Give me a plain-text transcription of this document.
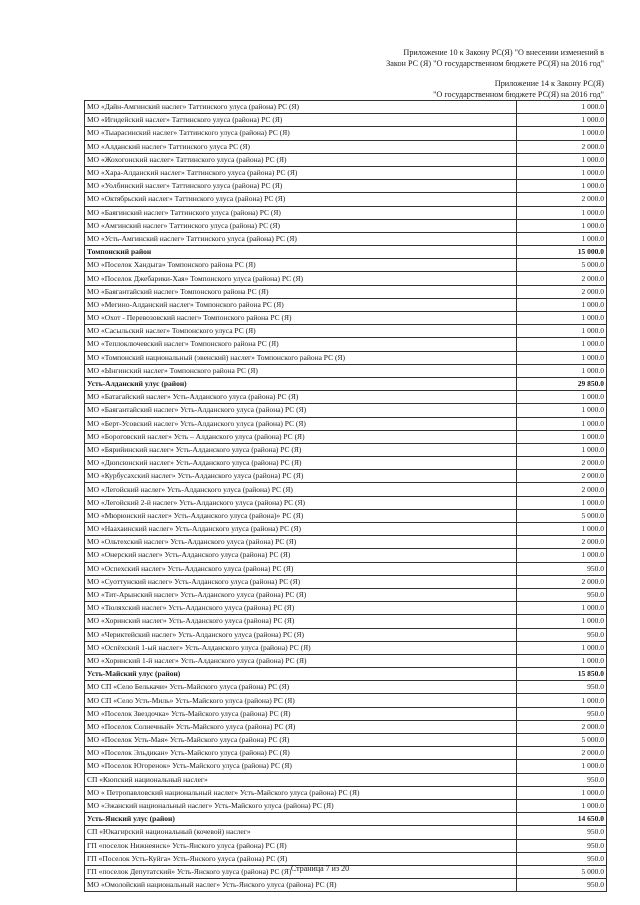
Приложение 10 к Закону РС(Я) "О внесении изменений в
Закон РС (Я) "О государственном бюджете РС(Я) на 2016 год"
Приложение 14 к Закону РС(Я)
"О государственном бюджете РС(Я) на 2016 год"
МО «Дайн-Амгинский наслег» Таттинского улуса (района) РС (Я)	1 000.0
МО «Игидейский наслег» Таттинского улуса (района) РС (Я)	1 000.0
МО «Тыарасинский наслег» Таттинского улуса (района) РС (Я)	1 000.0
МО «Алданский наслег» Таттинского улуса РС (Я)	2 000.0
МО «Жохогонский наслег» Таттинского улуса (района) РС (Я)	1 000.0
МО «Хара-Алданский наслег» Таттинского улуса (района) РС (Я)	1 000.0
МО «Уолбинский наслег» Таттинского улуса (района) РС (Я)	1 000.0
МО «Октябрьский наслег» Таттинского улуса (района) РС (Я)	2 000.0
МО «Баягинский наслег» Таттинского улуса (района) РС (Я)	1 000.0
МО «Амгинский наслег» Таттинского улуса (района) РС (Я)	1 000.0
МО «Усть-Амгинский наслег» Таттинского улуса (района) РС (Я)	1 000.0
Томпонский район	15 000.0
МО «Поселок Хандыга» Томпонского района РС (Я)	5 000.0
МО «Поселок Джебарики-Хая» Томпонского улуса (района) РС (Я)	2 000.0
МО «Баягантайский наслег» Томпонского района РС (Я)	2 000.0
МО «Мегино-Алданский наслег» Томпонского района РС (Я)	1 000.0
МО «Охот - Перевозовский наслег» Томпонского района РС (Я)	1 000.0
МО «Сасыльский наслег» Томпонского улуса РС (Я)	1 000.0
МО «Теплоключевский наслег» Томпонского района РС (Я)	1 000.0
МО «Томпонский национальный (эвенский) наслег» Томпонского района РС (Я)	1 000.0
МО «Ынгинский наслег» Томпонского района РС (Я)	1 000.0
Усть-Алданский улус (район)	29 850.0
МО «Батагайский наслег» Усть-Алданского улуса (района) РС (Я)	1 000.0
МО «Баягантайский наслег» Усть-Алданского улуса (района) РС (Я)	1 000.0
МО «Берт-Усовский наслег» Усть-Алданского улуса (района) РС (Я)	1 000.0
МО «Бороговский наслег» Усть – Алданского улуса (района) РС (Я)	1 000.0
МО «Бярийинский наслег» Усть-Алданского улуса (района) РС (Я)	1 000.0
МО «Дюпсюнский наслег» Усть-Алданского улуса (района) РС (Я)	2 000.0
МО «Курбусахский наслег» Усть-Алданского улуса (района) РС (Я)	2 000.0
МО «Легойский наслег» Усть-Алданского улуса (района) РС (Я)	2 000.0
МО «Легойский 2-й наслег» Усть-Алданского улуса (района) РС (Я)	1 000.0
МО «Мюрюнский наслег» Усть-Алданского улуса (района)» РС (Я)	5 000.0
МО «Наахаинский наслег» Усть-Алданского улуса (района) РС (Я)	1 000.0
МО «Ольтехский наслег» Усть-Алданского улуса (района) РС (Я)	2 000.0
МО «Онерский наслег» Усть-Алданского улуса (района) РС (Я)	1 000.0
МО «Оспехский наслег» Усть-Алданского улуса (района) РС (Я)	950.0
МО «Суоттунский наслег» Усть-Алданского улуса (района) РС (Я)	2 000.0
МО «Тит-Арынский наслег» Усть-Алданского улуса (района) РС (Я)	950.0
МО «Тюляхский наслег» Усть-Алданского улуса (района) РС (Я)	1 000.0
МО «Хоринский наслег» Усть-Алданского улуса (района) РС (Я)	1 000.0
МО «Чериктейский наслег» Усть-Алданского улуса (района) РС (Я)	950.0
МО «Оспёхский 1-ый наслег» Усть-Алданского улуса (района) РС (Я)	1 000.0
МО «Хоринский 1-й наслег» Усть-Алданского улуса (района) РС (Я)	1 000.0
Усть-Майский улус (район)	15 850.0
МО СП «Село Белькачи» Усть-Майского улуса (района) РС (Я)	950.0
МО СП «Село Усть-Миль» Усть-Майского улуса (района) РС (Я)	1 000.0
МО «Поселок Звездочка» Усть-Майского улуса (района) РС (Я)	950.0
МО «Поселок Солнечный» Усть-Майского улуса (района) РС (Я)	2 000.0
МО «Поселок Усть-Мая» Усть-Майского улуса (района) РС (Я)	5 000.0
МО «Поселок Эльдикан» Усть-Майского улуса (района) РС (Я)	2 000.0
МО «Поселок Югоренок» Усть-Майского улуса (района) РС (Я)	1 000.0
СП «Кюпский национальный наслег»	950.0
МО « Петропавловский национальный наслег» Усть-Майского улуса (района) РС (Я)	1 000.0
МО «Эжанский национальный наслег» Усть-Майского улуса (района) РС (Я)	1 000.0
Усть-Янский улус (район)	14 650.0
СП «Юкагирский национальный (кочевой) наслег»	950.0
ГП «поселок Нижнеянск» Усть-Янского улуса (района) РС (Я)	950.0
ГП «Поселок Усть-Куйга» Усть-Янского улуса (района) РС (Я)	950.0
ГП «поселок Депутатский» Усть-Янского улуса (района) РС (Я)	5 000.0
МО «Омолойский национальный наслег» Усть-Янского улуса (района) РС (Я)	950.0
Страница 7 из 20
